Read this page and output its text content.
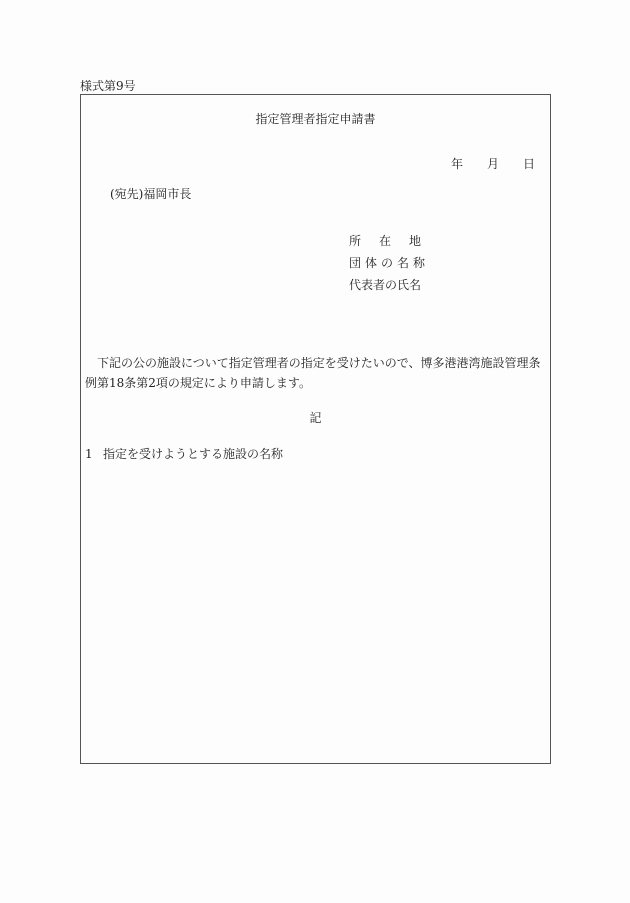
様式第9号
指定管理者指定申請書
年 月 日
(宛先)福岡市長
所 在 地
団体の名称
代表者の氏名
下記の公の施設について指定管理者の指定を受けたいので、博多港港湾施設管理条例第18条第2項の規定により申請します。
記
1 指定を受けようとする施設の名称
